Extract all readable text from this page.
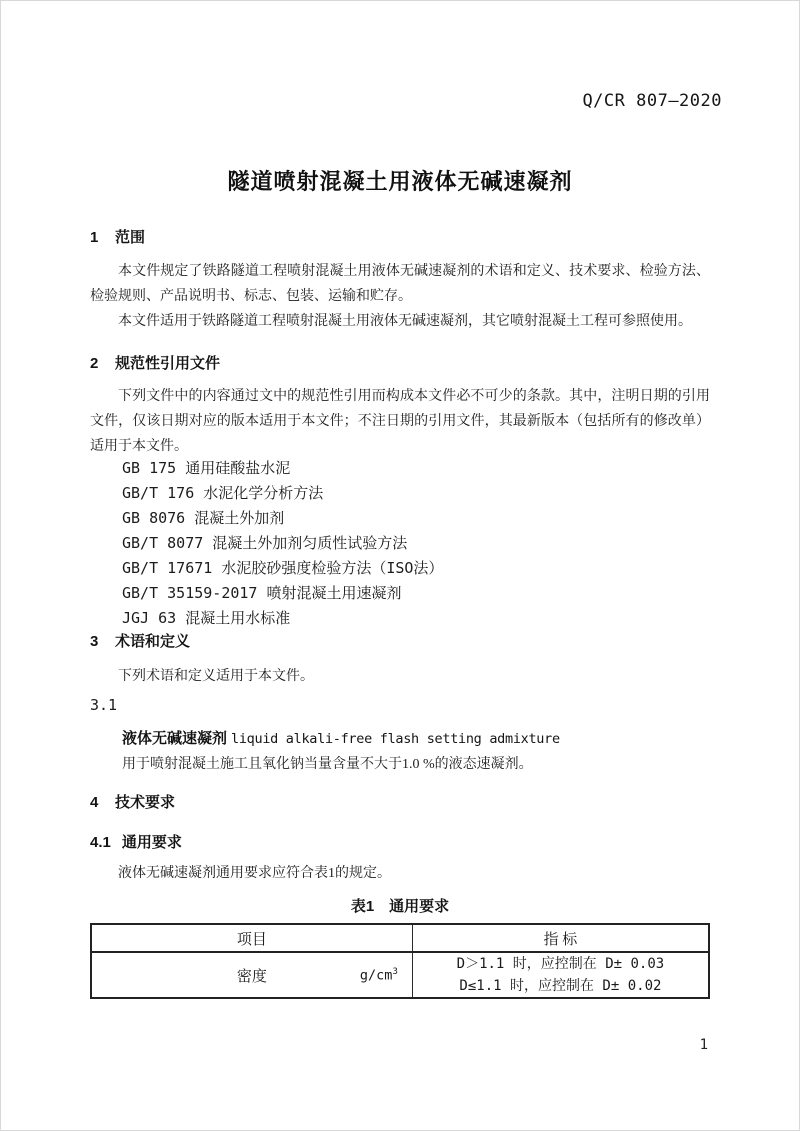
Q/CR 807—2020
隧道喷射混凝土用液体无碱速凝剂
1 范围

本文件规定了铁路隧道工程喷射混凝土用液体无碱速凝剂的术语和定义、技术要求、检验方法、检验规则、产品说明书、标志、包装、运输和贮存。

本文件适用于铁路隧道工程喷射混凝土用液体无碱速凝剂，其它喷射混凝土工程可参照使用。

2 规范性引用文件

下列文件中的内容通过文中的规范性引用而构成本文件必不可少的条款。其中，注明日期的引用文件，仅该日期对应的版本适用于本文件；不注日期的引用文件，其最新版本（包括所有的修改单）适用于本文件。

GB 175 通用硅酸盐水泥
GB/T 176 水泥化学分析方法
GB 8076 混凝土外加剂
GB/T 8077 混凝土外加剂匀质性试验方法
GB/T 17671 水泥胶砂强度检验方法（ISO法）
GB/T 35159-2017 喷射混凝土用速凝剂
JGJ 63 混凝土用水标准
3 术语和定义

下列术语和定义适用于本文件。

3.1
液体无碱速凝剂 liquid alkali-free flash setting admixture
用于喷射混凝土施工且氧化钠当量含量不大于1.0 %的液态速凝剂。
4 技术要求
4.1 通用要求

液体无碱速凝剂通用要求应符合表1的规定。

表1　通用要求
项目	指 标

密度	$g/cm^3$	D＞1.1 时，应控制在 D± 0.03
D≤1.1 时，应控制在 D± 0.02
1
